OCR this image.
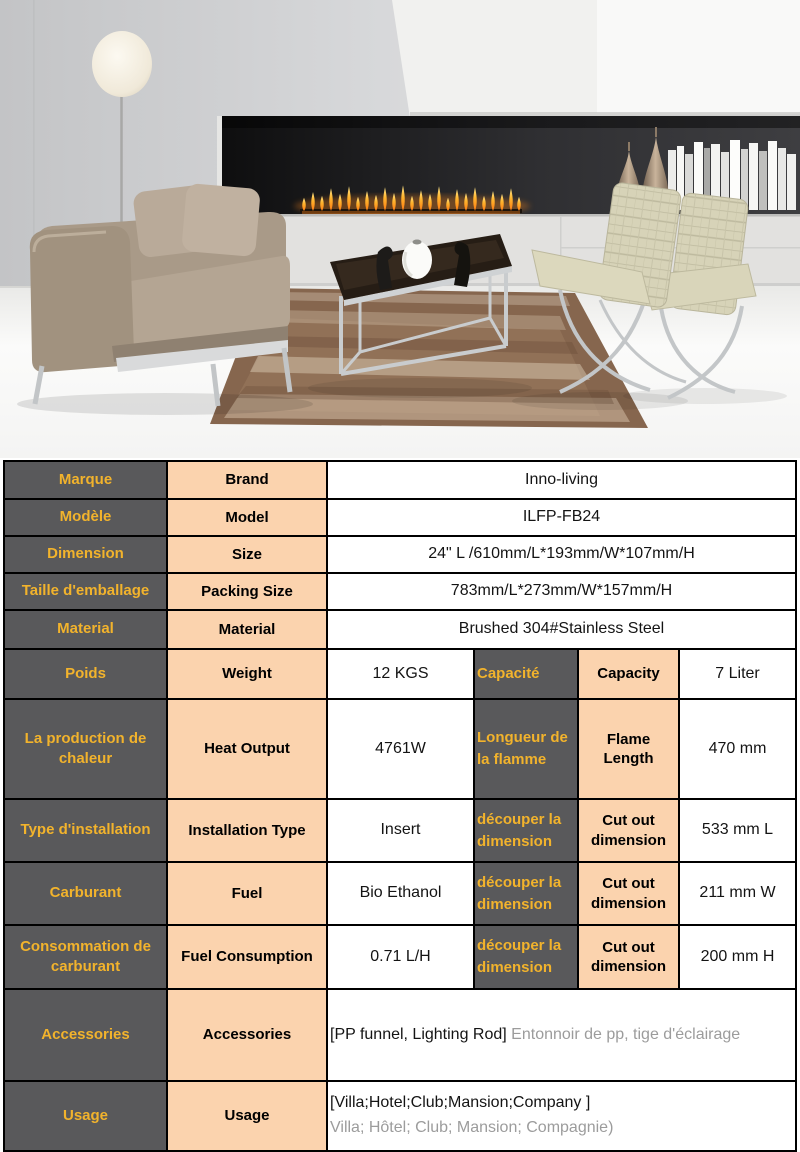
Marque	Brand	Inno-living			
Modèle	Model	ILFP-FB24			
Dimension	Size	24" L /610mm/L*193mm/W*107mm/H			
Taille d'emballage	Packing Size	783mm/L*273mm/W*157mm/H			
Material	Material	Brushed 304#Stainless Steel			
Poids	Weight	12 KGS	Capacité	Capacity	7 Liter
La production de chaleur	Heat Output	4761W	Longueur de la flamme	Flame Length	470 mm
Type d'installation	Installation Type	Insert	découper la dimension	Cut out dimension	533 mm L
Carburant	Fuel	Bio Ethanol	découper la dimension	Cut out dimension	211 mm W
Consommation de carburant	Fuel Consumption	0.71 L/H	découper la dimension	Cut out dimension	200 mm H
Accessories	Accessories	[PP funnel, Lighting Rod] Entonnoir de pp, tige d'éclairage			
Usage	Usage	[Villa;Hotel;Club;Mansion;Company ]
Villa; Hôtel; Club; Mansion; Compagnie)			
